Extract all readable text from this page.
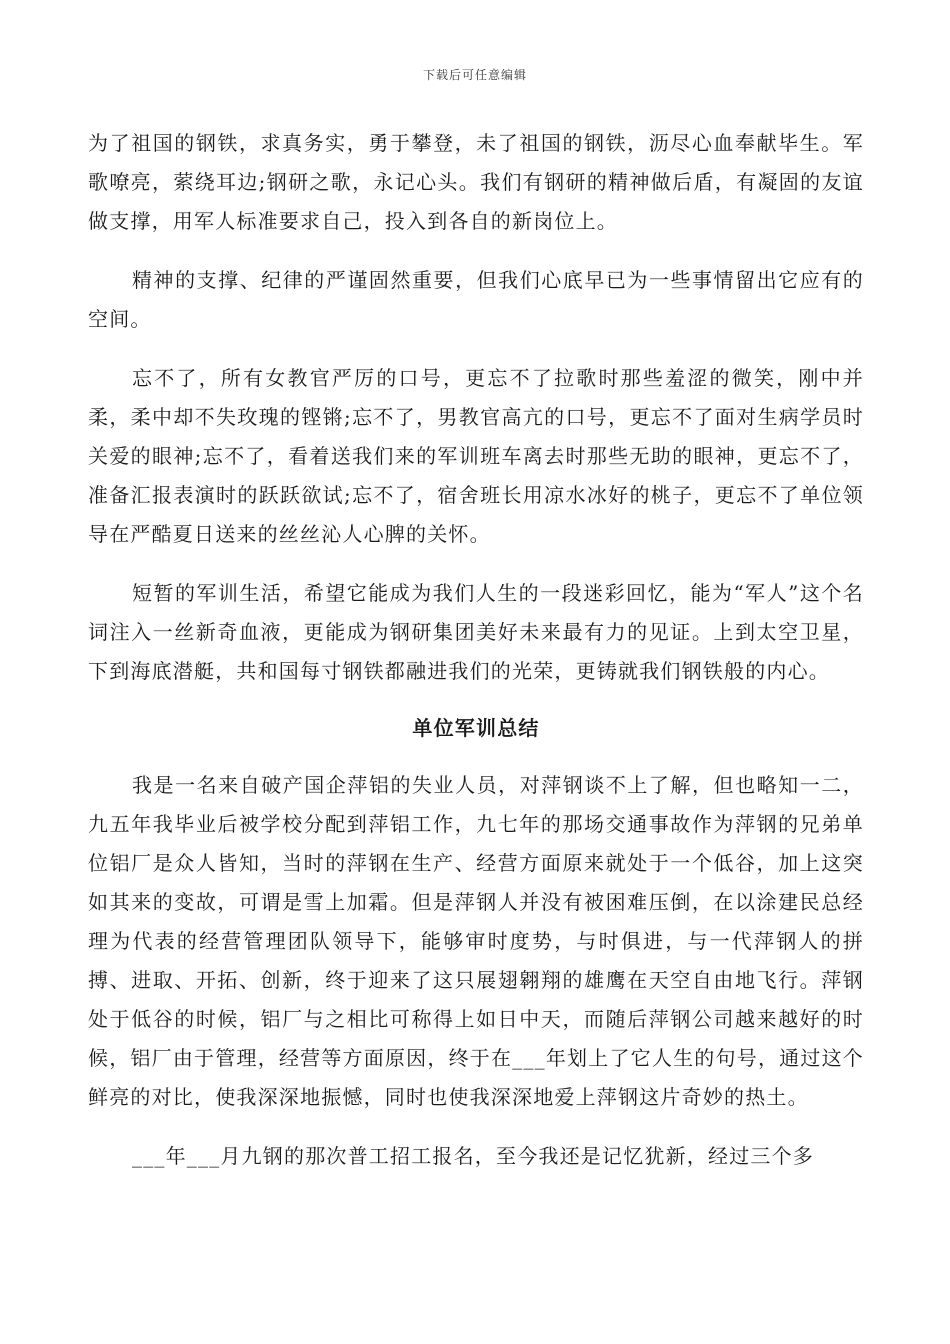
下载后可任意编辑

为了祖国的钢铁，求真务实，勇于攀登，未了祖国的钢铁，沥尽心血奉献毕生。军歌嘹亮，萦绕耳边;钢研之歌，永记心头。我们有钢研的精神做后盾，有凝固的友谊做支撑，用军人标准要求自己，投入到各自的新岗位上。

精神的支撑、纪律的严谨固然重要，但我们心底早已为一些事情留出它应有的空间。

忘不了，所有女教官严厉的口号，更忘不了拉歌时那些羞涩的微笑，刚中并柔，柔中却不失玫瑰的铿锵;忘不了，男教官高亢的口号，更忘不了面对生病学员时关爱的眼神;忘不了，看着送我们来的军训班车离去时那些无助的眼神，更忘不了，准备汇报表演时的跃跃欲试;忘不了，宿舍班长用凉水冰好的桃子，更忘不了单位领导在严酷夏日送来的丝丝沁人心脾的关怀。

短暂的军训生活，希望它能成为我们人生的一段迷彩回忆，能为“军人”这个名词注入一丝新奇血液，更能成为钢研集团美好未来最有力的见证。上到太空卫星，下到海底潜艇，共和国每寸钢铁都融进我们的光荣，更铸就我们钢铁般的内心。

单位军训总结

我是一名来自破产国企萍铝的失业人员，对萍钢谈不上了解，但也略知一二，九五年我毕业后被学校分配到萍铝工作，九七年的那场交通事故作为萍钢的兄弟单位铝厂是众人皆知，当时的萍钢在生产、经营方面原来就处于一个低谷，加上这突如其来的变故，可谓是雪上加霜。但是萍钢人并没有被困难压倒，在以涂建民总经理为代表的经营管理团队领导下，能够审时度势，与时俱进，与一代萍钢人的拼搏、进取、开拓、创新，终于迎来了这只展翅翱翔的雄鹰在天空自由地飞行。萍钢处于低谷的时候，铝厂与之相比可称得上如日中天，而随后萍钢公司越来越好的时候，铝厂由于管理，经营等方面原因，终于在___年划上了它人生的句号，通过这个鲜亮的对比，使我深深地振憾，同时也使我深深地爱上萍钢这片奇妙的热土。

___年___月九钢的那次普工招工报名，至今我还是记忆犹新，经过三个多
